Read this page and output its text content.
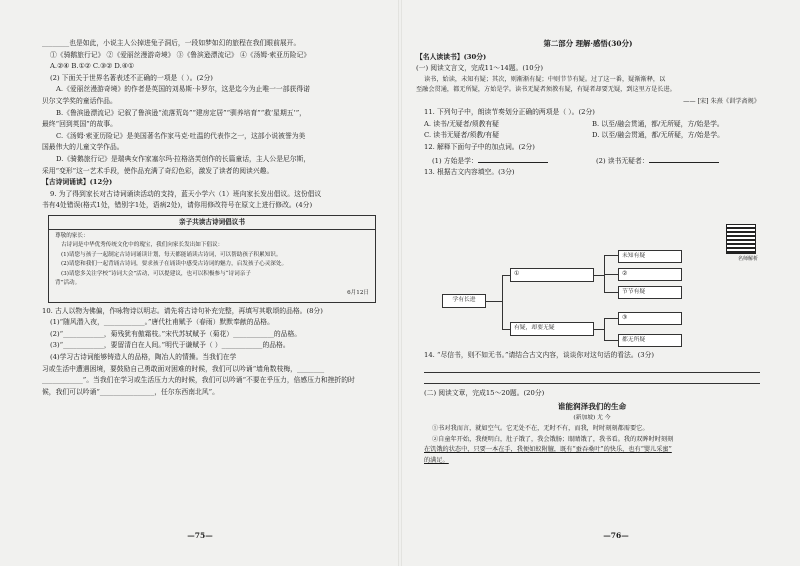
________也是如此，小说主人公掉进兔子洞后，一段如梦如幻的旅程在我们眼前展开。
①《骑鹅旅行记》 ②《爱丽丝漫游奇境》 ③《鲁滨逊漂流记》 ④《汤姆·索亚历险记》
A.②④ B.①② C.③② D.④①
(2) 下面关于世界名著表述不正确的一项是（ ）。(2分)
A.《爱丽丝漫游奇境》的作者是英国的刘易斯·卡罗尔，这是迄今为止唯一一部获得诺
贝尔文学奖的童话作品。
B.《鲁滨逊漂流记》记叙了鲁滨逊“流落荒岛”“建房定居”“驯养培育”“救‘星期五’”，
最终“回到英国”的故事。
C.《汤姆·索亚历险记》是美国著名作家马克·吐温的代表作之一，这部小说被誉为美
国最伟大的儿童文学作品。
D.《骑鹅旅行记》是瑞典女作家塞尔玛·拉格洛芙创作的长篇童话，主人公是尼尔斯，
采用“变形”这一艺术手段，使作品充满了奇幻色彩，激发了读者的阅读兴趣。
【古诗词诵读】(12分)
9. 为了得到家长对古诗词诵读活动的支持，蓝天小学六（1）班向家长发出倡议。这份倡议
书有4处错误(格式1处，错别字1处，语病2处)，请你用修改符号在原文上进行修改。(4分)
亲子共读古诗词倡议书
尊敬的家长：
古诗词是中华优秀传统文化中的瑰宝，我们向家长发出如下倡议：
(1)请您与孩子一起制定古诗词诵读计划，每天都能诵读古诗词，可以帮助孩子积累知识。
(2)请您和我们一起背诵古诗词，要求孩子在诵读中感受古诗词的魅力，启发孩子心灵深处。
(3)请您多关注学校“诗词大会”活动，可以提建议，也可以积极参与“诗词亲子
背”活动。
6月12日
10. 古人以物为佛偏，作咏物诗以明志。请先将古诗句补充完整，再填写其歌颂的品格。(8分)
(1)“随风潜入夜，____________。”唐代杜甫赋予（春雨）默默奉献的品格。
(2)“____________，菊残犹有傲霜枝。”宋代苏轼赋予（菊花）____________的品格。
(3)“____________，要留清白在人间。”明代于谦赋予（ ）____________的品格。
(4)学习古诗词能够铸造人的品格，陶冶人的情操。当我们在学
习或生活中遭遇困境，要鼓励自己勇敢面对困难的时候，我们可以吟诵“墙角数枝梅，________
____________”。当我们在学习或生活压力大的时候，我们可以吟诵“不要在乎压力，倍感压力和挫折的时
候，我们可以吟诵“________________，任尔东西南北风”。
—75—
第二部分 理解·感悟(30分)
【名人读读书】(30分)
(一) 阅读文言文，完成11～14题。(10分)
读书，始读，未知有疑；其次，则渐渐有疑；中则节节有疑。过了这一番，疑渐渐释，以
至融会贯通，都无所疑，方始是学。读书无疑者须教有疑，有疑者却要无疑，到这里方是长进。
—— [宋] 朱熹《训学斋规》
11. 下列句子中，朗读节奏划分正确的两项是（ ）。(2分)
A. 读书/无疑者/须教有疑	B. 以至/融会贯通，都/无所疑，方/始是学。
C. 读书无疑者/须教/有疑	D. 以至/融会贯通，都/无所疑，方/始是学。
12. 解释下面句子中的加点词。(2分)
(1) 方始是学：	(2) 读书无疑者：
13. 根据古文内容填空。(3分)
—76—
名师解析
学有长进
①
有疑，却要无疑
未知有疑
②
节节有疑
③
都无所疑
14. “尽信书，则不如无书。”请结合古文内容，谈谈你对这句话的看法。(3分)
(二) 阅读文章，完成15～20题。(20分)
谁能润泽我们的生命
(新加坡) 尤 今
①书对我而言，就如空气。它无处不在，无时不有，而我，时时刻刻都需要它。
②自童年开始，我便明白，肚子饿了，我会饿肠；眼睛饿了，我书看。我的双眸时时刻刻
在饥饿的状态中，只要一本在手，我便如蚁附膻，既有“蚕吞桑叶”的快乐，也有“婴儿采蜜”
的满足。
